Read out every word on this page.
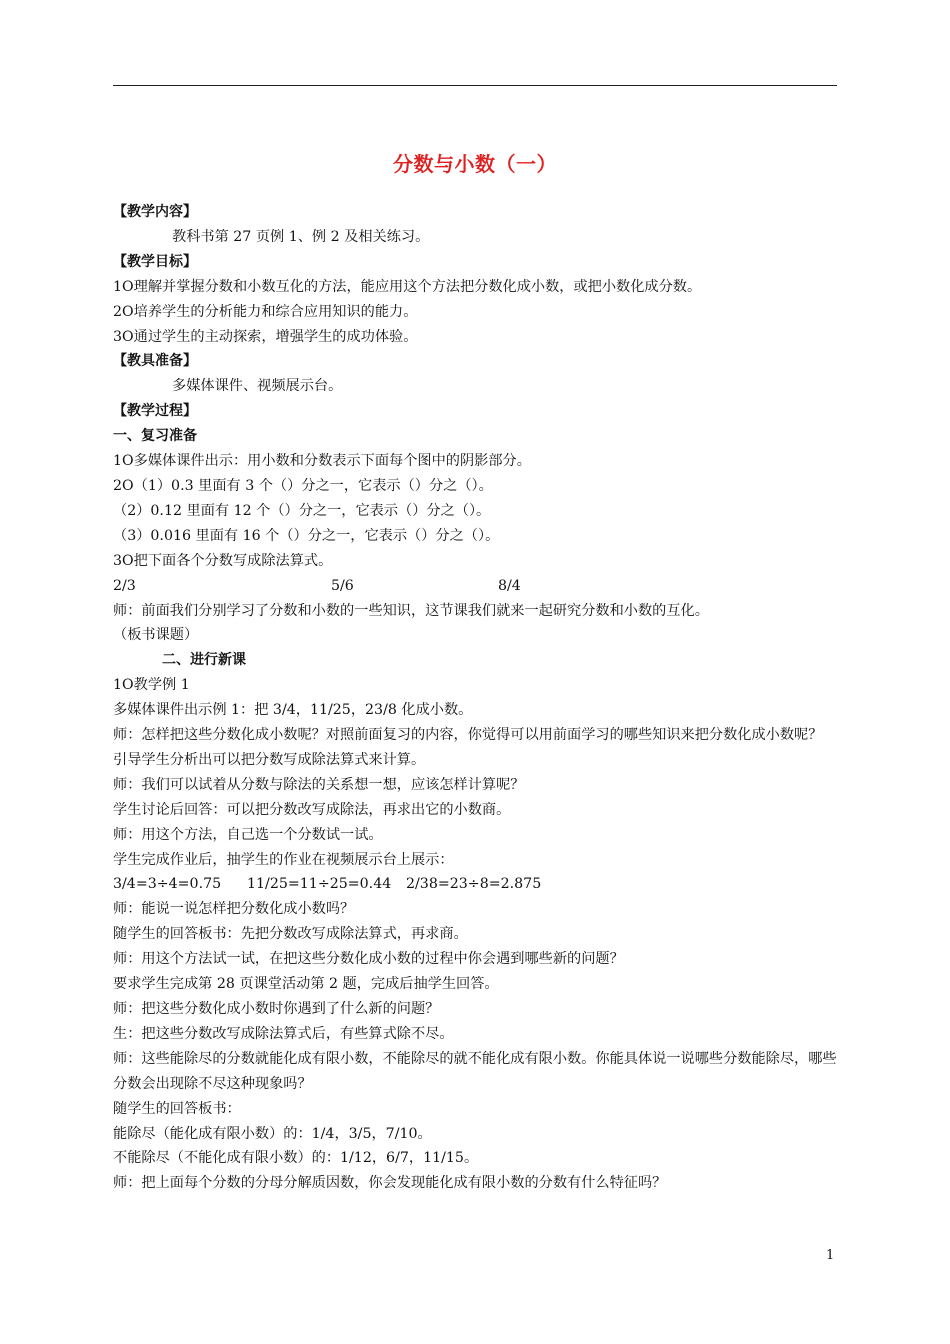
分数与小数（一）
【教学内容】
教科书第 27 页例 1、例 2 及相关练习。
【教学目标】
1O理解并掌握分数和小数互化的方法，能应用这个方法把分数化成小数，或把小数化成分数。
2O培养学生的分析能力和综合应用知识的能力。
3O通过学生的主动探索，增强学生的成功体验。
【教具准备】
多媒体课件、视频展示台。
【教学过程】
一、复习准备
1O多媒体课件出示：用小数和分数表示下面每个图中的阴影部分。
2O（1）0.3 里面有 3 个（）分之一，它表示（）分之（）。
（2）0.12 里面有 12 个（）分之一，它表示（）分之（）。
（3）0.016 里面有 16 个（）分之一，它表示（）分之（）。
3O把下面各个分数写成除法算式。
2/3	5/6	8/4
师：前面我们分别学习了分数和小数的一些知识，这节课我们就来一起研究分数和小数的互化。
（板书课题）
二、进行新课
1O教学例 1
多媒体课件出示例 1：把 3/4，11/25，23/8 化成小数。
师：怎样把这些分数化成小数呢？对照前面复习的内容，你觉得可以用前面学习的哪些知识来把分数化成小数呢？
引导学生分析出可以把分数写成除法算式来计算。
师：我们可以试着从分数与除法的关系想一想，应该怎样计算呢？
学生讨论后回答：可以把分数改写成除法，再求出它的小数商。
师：用这个方法，自己选一个分数试一试。
学生完成作业后，抽学生的作业在视频展示台上展示：
3/4=3÷4=0.75	11/25=11÷25=0.44	2/38=23÷8=2.875
师：能说一说怎样把分数化成小数吗？
随学生的回答板书：先把分数改写成除法算式，再求商。
师：用这个方法试一试，在把这些分数化成小数的过程中你会遇到哪些新的问题？
要求学生完成第 28 页课堂活动第 2 题，完成后抽学生回答。
师：把这些分数化成小数时你遇到了什么新的问题？
生：把这些分数改写成除法算式后，有些算式除不尽。
师：这些能除尽的分数就能化成有限小数，不能除尽的就不能化成有限小数。你能具体说一说哪些分数能除尽，哪些分数会出现除不尽这种现象吗？
随学生的回答板书：
能除尽（能化成有限小数）的：1/4，3/5，7/10。
不能除尽（不能化成有限小数）的：1/12，6/7，11/15。
师：把上面每个分数的分母分解质因数，你会发现能化成有限小数的分数有什么特征吗？
1
